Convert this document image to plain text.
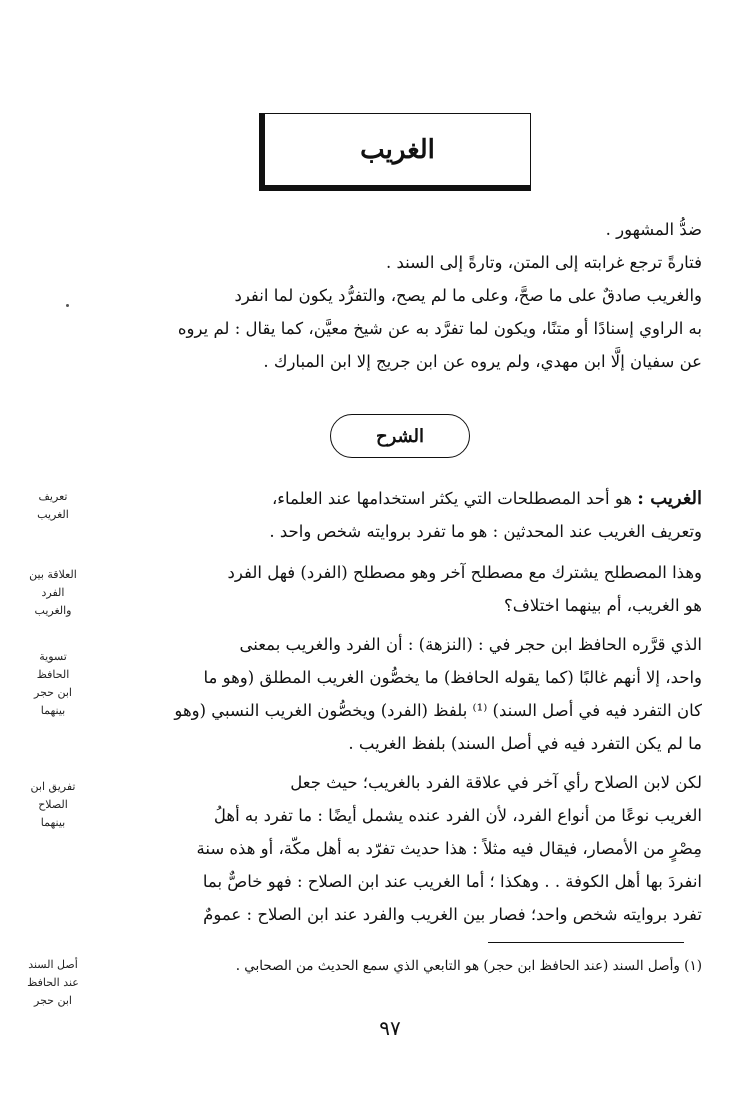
الغريب

ضدُّ المشهور .

فتارةً ترجع غرابته إلى المتن، وتارةً إلى السند .

والغريب صادقٌ على ما صحَّ، وعلى ما لم يصح، والتفرُّد يكون لما انفرد

به الراوي إسنادًا أو متنًا، ويكون لما تفرَّد به عن شيخ معيَّن، كما يقال : لم يروه

عن سفيان إلَّا ابن مهدي، ولم يروه عن ابن جريج إلا ابن المبارك .

الشرح

الغريب : هو أحد المصطلحات التي يكثر استخدامها عند العلماء،

وتعريف الغريب عند المحدثين : هو ما تفرد بروايته شخص واحد .

وهذا المصطلح يشترك مع مصطلح آخر وهو مصطلح (الفرد) فهل الفرد

هو الغريب، أم بينهما اختلاف؟

الذي قرَّره الحافظ ابن حجر في : (النزهة) : أن الفرد والغريب بمعنى

واحد، إلا أنهم غالبًا (كما يقوله الحافظ) ما يخصُّون الغريب المطلق (وهو ما

كان التفرد فيه في أصل السند) ⁽¹⁾ بلفظ (الفرد) ويخصُّون الغريب النسبي (وهو

ما لم يكن التفرد فيه في أصل السند) بلفظ الغريب .

لكن لابن الصلاح رأي آخر في علاقة الفرد بالغريب؛ حيث جعل

الغريب نوعًا من أنواع الفرد، لأن الفرد عنده يشمل أيضًا : ما تفرد به أهلُ

مِصْرٍ من الأمصار، فيقال فيه مثلاً : هذا حديث تفرّد به أهل مكّة، أو هذه سنة

انفردَ بها أهل الكوفة . . وهكذا ؛ أما الغريب عند ابن الصلاح : فهو خاصٌّ بما

تفرد بروايته شخص واحد؛ فصار بين الغريب والفرد عند ابن الصلاح : عمومٌ

تعريف
الغريب
العلاقة بين
الفرد
والغريب
تسوية الحافظ
ابن حجر
بينهما
تفريق ابن
الصلاح
بينهما
أصل السند
عند الحافظ
ابن حجر
(١) وأصل السند (عند الحافظ ابن حجر) هو التابعي الذي سمع الحديث من الصحابي .
٩٧
